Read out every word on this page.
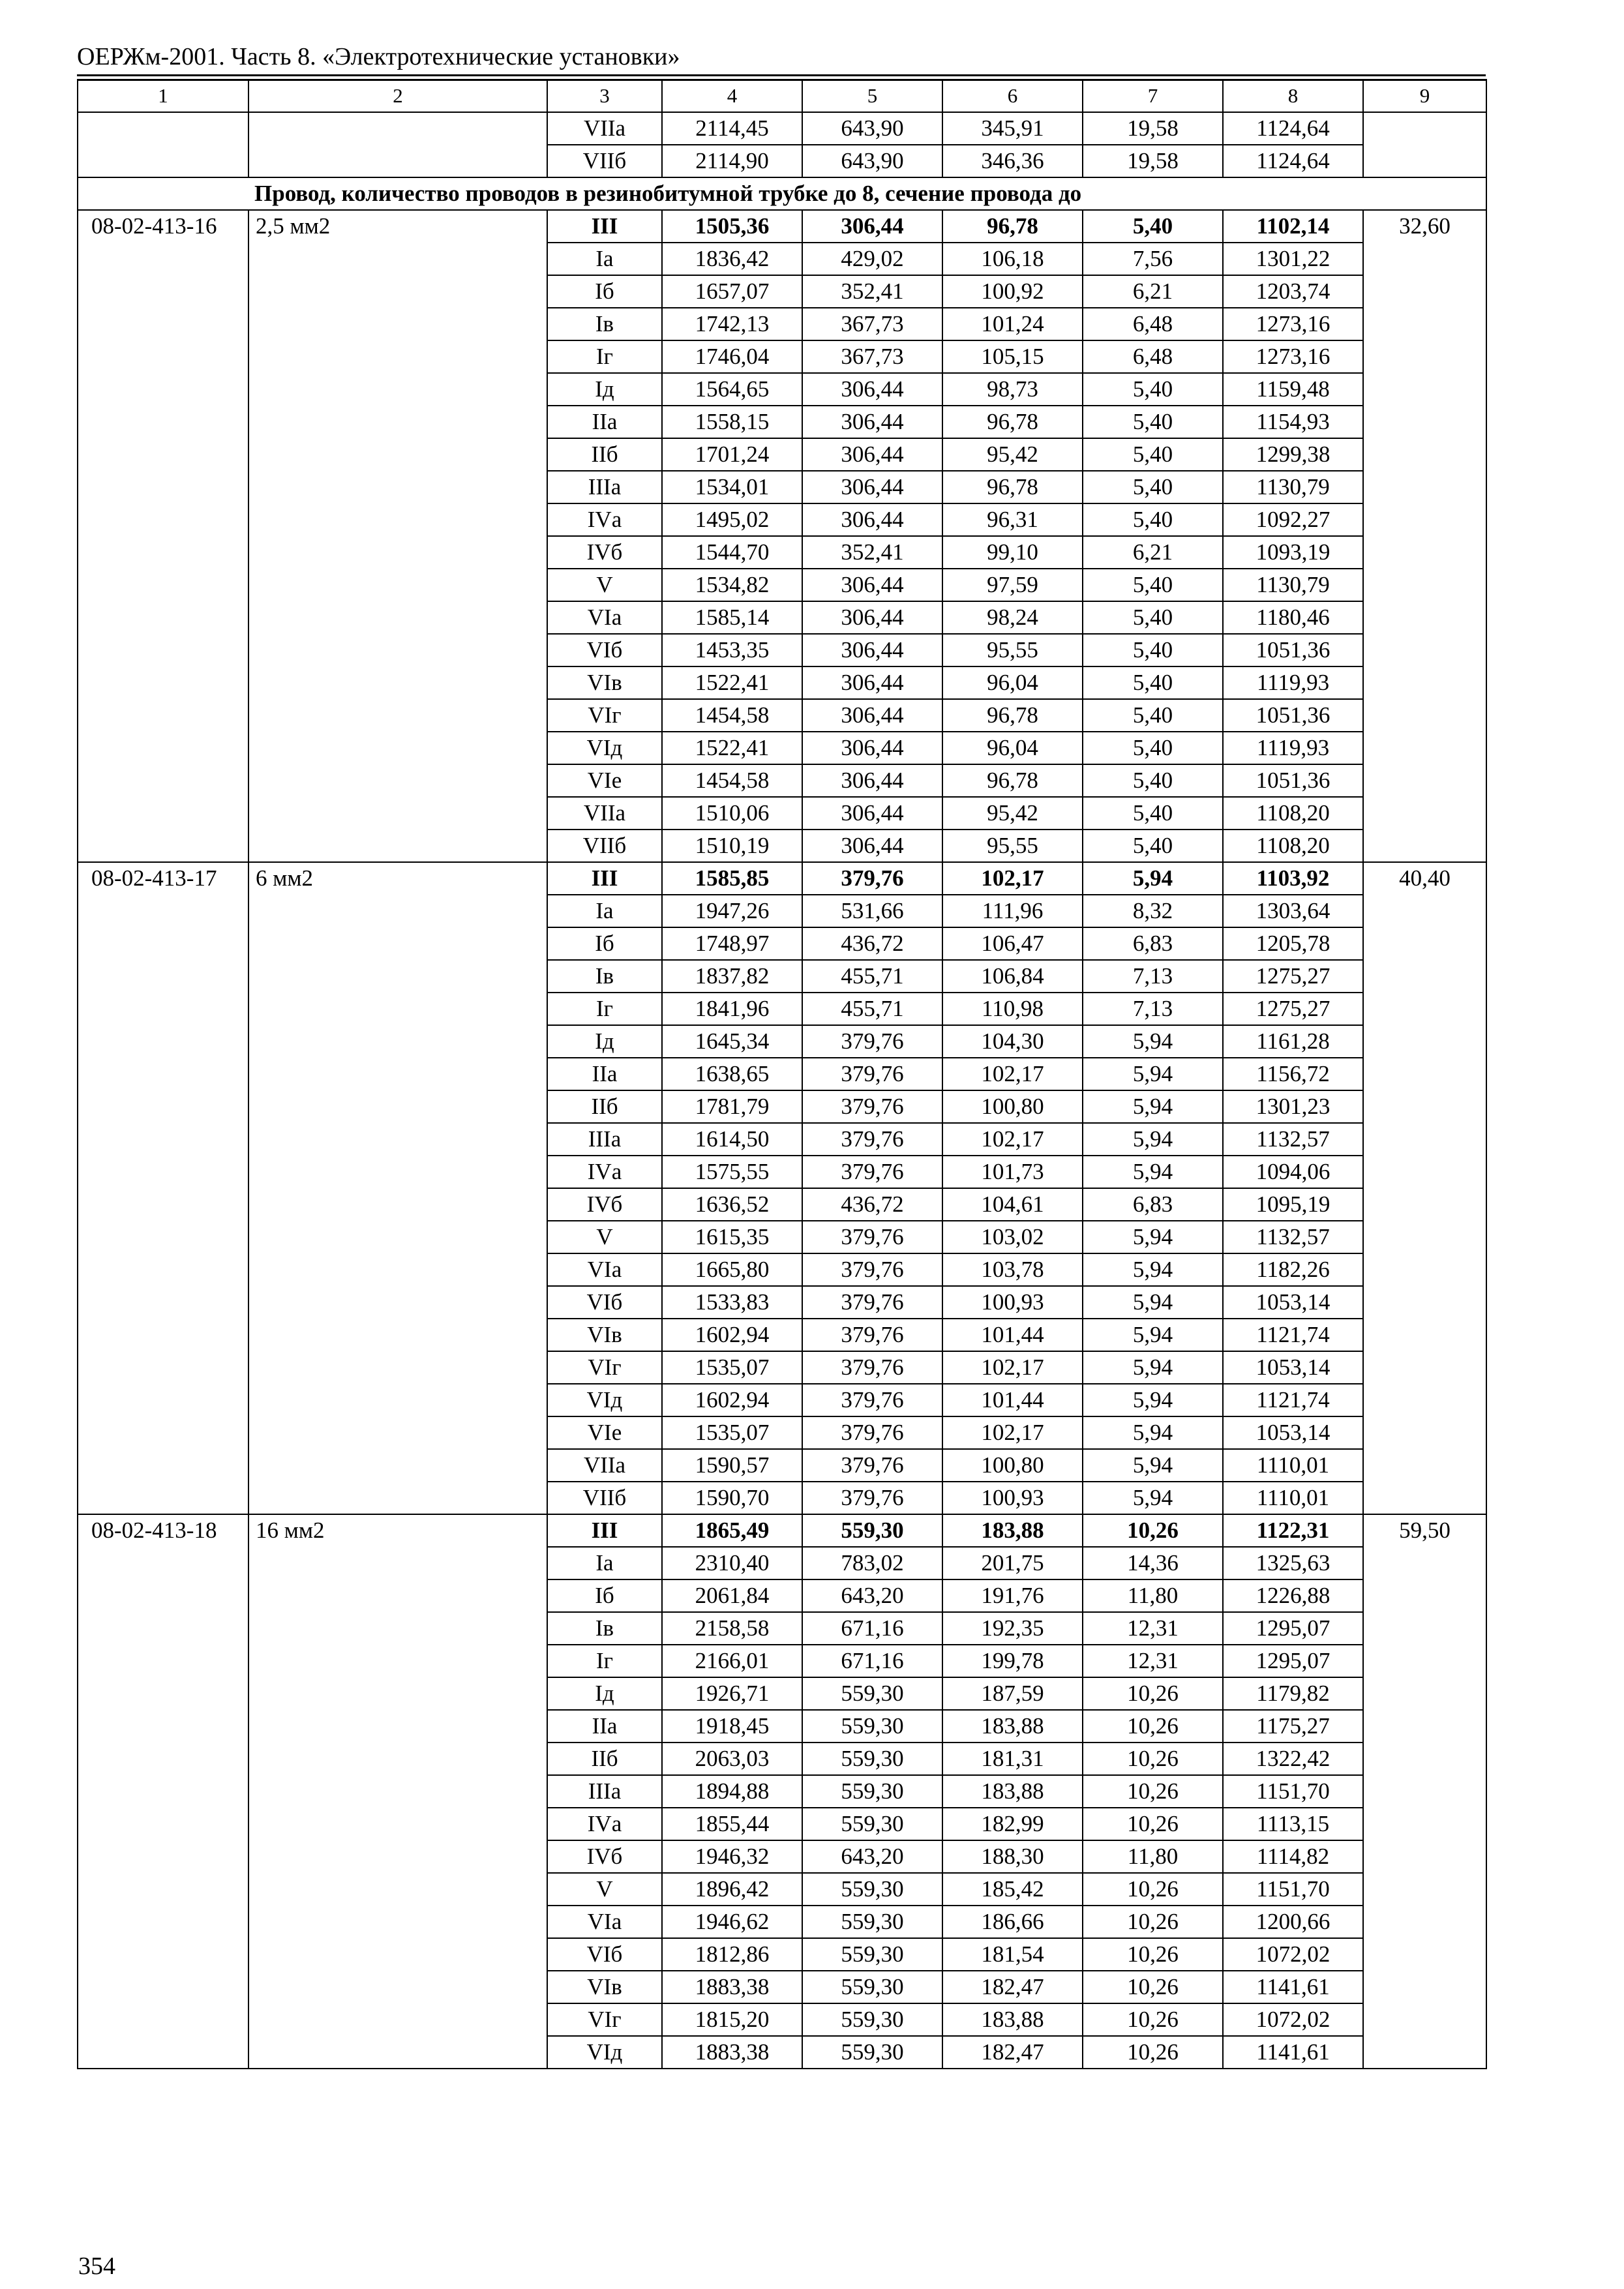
ОЕРЖм-2001. Часть 8. «Электротехнические установки»
1	2	3	4	5	6	7	8	9
		VIIа	2114,45	643,90	345,91	19,58	1124,64	
		VIIб	2114,90	643,90	346,36	19,58	1124,64	
Провод, количество проводов в резинобитумной трубке до 8, сечение провода до								
08-02-413-16	2,5 мм2	III	1505,36	306,44	96,78	5,40	1102,14	32,60
		Iа	1836,42	429,02	106,18	7,56	1301,22	
		Iб	1657,07	352,41	100,92	6,21	1203,74	
		Iв	1742,13	367,73	101,24	6,48	1273,16	
		Iг	1746,04	367,73	105,15	6,48	1273,16	
		Iд	1564,65	306,44	98,73	5,40	1159,48	
		IIа	1558,15	306,44	96,78	5,40	1154,93	
		IIб	1701,24	306,44	95,42	5,40	1299,38	
		IIIа	1534,01	306,44	96,78	5,40	1130,79	
		IVа	1495,02	306,44	96,31	5,40	1092,27	
		IVб	1544,70	352,41	99,10	6,21	1093,19	
		V	1534,82	306,44	97,59	5,40	1130,79	
		VIа	1585,14	306,44	98,24	5,40	1180,46	
		VIб	1453,35	306,44	95,55	5,40	1051,36	
		VIв	1522,41	306,44	96,04	5,40	1119,93	
		VIг	1454,58	306,44	96,78	5,40	1051,36	
		VIд	1522,41	306,44	96,04	5,40	1119,93	
		VIе	1454,58	306,44	96,78	5,40	1051,36	
		VIIа	1510,06	306,44	95,42	5,40	1108,20	
		VIIб	1510,19	306,44	95,55	5,40	1108,20	
08-02-413-17	6 мм2	III	1585,85	379,76	102,17	5,94	1103,92	40,40
		Iа	1947,26	531,66	111,96	8,32	1303,64	
		Iб	1748,97	436,72	106,47	6,83	1205,78	
		Iв	1837,82	455,71	106,84	7,13	1275,27	
		Iг	1841,96	455,71	110,98	7,13	1275,27	
		Iд	1645,34	379,76	104,30	5,94	1161,28	
		IIа	1638,65	379,76	102,17	5,94	1156,72	
		IIб	1781,79	379,76	100,80	5,94	1301,23	
		IIIа	1614,50	379,76	102,17	5,94	1132,57	
		IVа	1575,55	379,76	101,73	5,94	1094,06	
		IVб	1636,52	436,72	104,61	6,83	1095,19	
		V	1615,35	379,76	103,02	5,94	1132,57	
		VIа	1665,80	379,76	103,78	5,94	1182,26	
		VIб	1533,83	379,76	100,93	5,94	1053,14	
		VIв	1602,94	379,76	101,44	5,94	1121,74	
		VIг	1535,07	379,76	102,17	5,94	1053,14	
		VIд	1602,94	379,76	101,44	5,94	1121,74	
		VIе	1535,07	379,76	102,17	5,94	1053,14	
		VIIа	1590,57	379,76	100,80	5,94	1110,01	
		VIIб	1590,70	379,76	100,93	5,94	1110,01	
08-02-413-18	16 мм2	III	1865,49	559,30	183,88	10,26	1122,31	59,50
		Iа	2310,40	783,02	201,75	14,36	1325,63	
		Iб	2061,84	643,20	191,76	11,80	1226,88	
		Iв	2158,58	671,16	192,35	12,31	1295,07	
		Iг	2166,01	671,16	199,78	12,31	1295,07	
		Iд	1926,71	559,30	187,59	10,26	1179,82	
		IIа	1918,45	559,30	183,88	10,26	1175,27	
		IIб	2063,03	559,30	181,31	10,26	1322,42	
		IIIа	1894,88	559,30	183,88	10,26	1151,70	
		IVа	1855,44	559,30	182,99	10,26	1113,15	
		IVб	1946,32	643,20	188,30	11,80	1114,82	
		V	1896,42	559,30	185,42	10,26	1151,70	
		VIа	1946,62	559,30	186,66	10,26	1200,66	
		VIб	1812,86	559,30	181,54	10,26	1072,02	
		VIв	1883,38	559,30	182,47	10,26	1141,61	
		VIг	1815,20	559,30	183,88	10,26	1072,02	
		VIд	1883,38	559,30	182,47	10,26	1141,61	
354
